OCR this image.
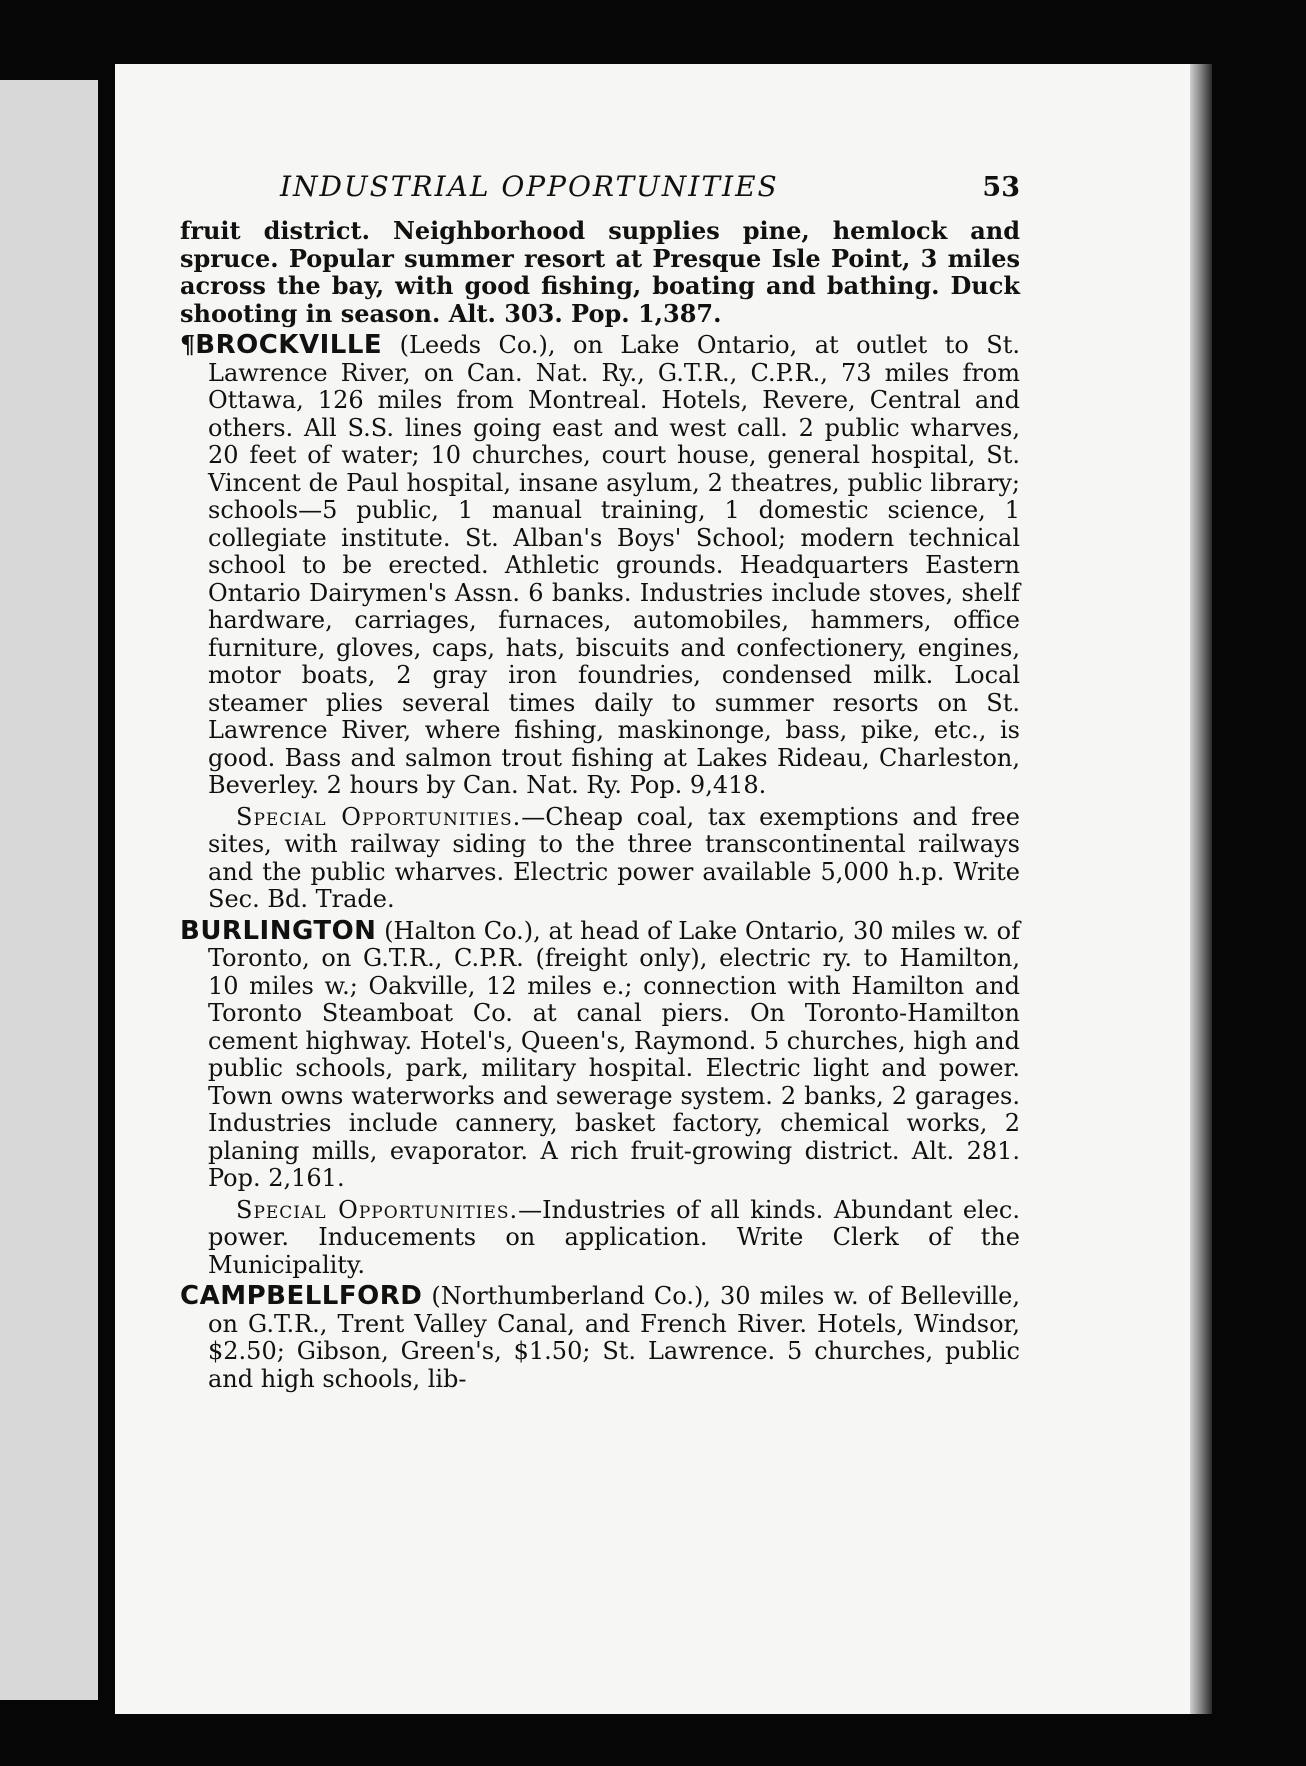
INDUSTRIAL OPPORTUNITIES	53

fruit district. Neighborhood supplies pine, hemlock and spruce. Popular summer resort at Presque Isle Point, 3 miles across the bay, with good fishing, boating and bathing. Duck shooting in season. Alt. 303. Pop. 1,387.

¶BROCKVILLE (Leeds Co.), on Lake Ontario, at outlet to St. Lawrence River, on Can. Nat. Ry., G.T.R., C.P.R., 73 miles from Ottawa, 126 miles from Montreal. Hotels, Revere, Central and others. All S.S. lines going east and west call. 2 public wharves, 20 feet of water; 10 churches, court house, general hospital, St. Vincent de Paul hospital, insane asylum, 2 theatres, public library; schools—5 public, 1 manual training, 1 domestic science, 1 collegiate institute. St. Alban's Boys' School; modern technical school to be erected. Athletic grounds. Headquarters Eastern Ontario Dairymen's Assn. 6 banks. Industries include stoves, shelf hardware, carriages, furnaces, automobiles, hammers, office furniture, gloves, caps, hats, biscuits and confectionery, engines, motor boats, 2 gray iron foundries, condensed milk. Local steamer plies several times daily to summer resorts on St. Lawrence River, where fishing, maskinonge, bass, pike, etc., is good. Bass and salmon trout fishing at Lakes Rideau, Charleston, Beverley. 2 hours by Can. Nat. Ry. Pop. 9,418.

Special Opportunities.—Cheap coal, tax exemptions and free sites, with railway siding to the three transcontinental railways and the public wharves. Electric power available 5,000 h.p. Write Sec. Bd. Trade.

BURLINGTON (Halton Co.), at head of Lake Ontario, 30 miles w. of Toronto, on G.T.R., C.P.R. (freight only), electric ry. to Hamilton, 10 miles w.; Oakville, 12 miles e.; connection with Hamilton and Toronto Steamboat Co. at canal piers. On Toronto-Hamilton cement highway. Hotel's, Queen's, Raymond. 5 churches, high and public schools, park, military hospital. Electric light and power. Town owns waterworks and sewerage system. 2 banks, 2 garages. Industries include cannery, basket factory, chemical works, 2 planing mills, evaporator. A rich fruit-growing district. Alt. 281. Pop. 2,161.

Special Opportunities.—Industries of all kinds. Abundant elec. power. Inducements on application. Write Clerk of the Municipality.

CAMPBELLFORD (Northumberland Co.), 30 miles w. of Belleville, on G.T.R., Trent Valley Canal, and French River. Hotels, Windsor, $2.50; Gibson, Green's, $1.50; St. Lawrence. 5 churches, public and high schools, lib-
